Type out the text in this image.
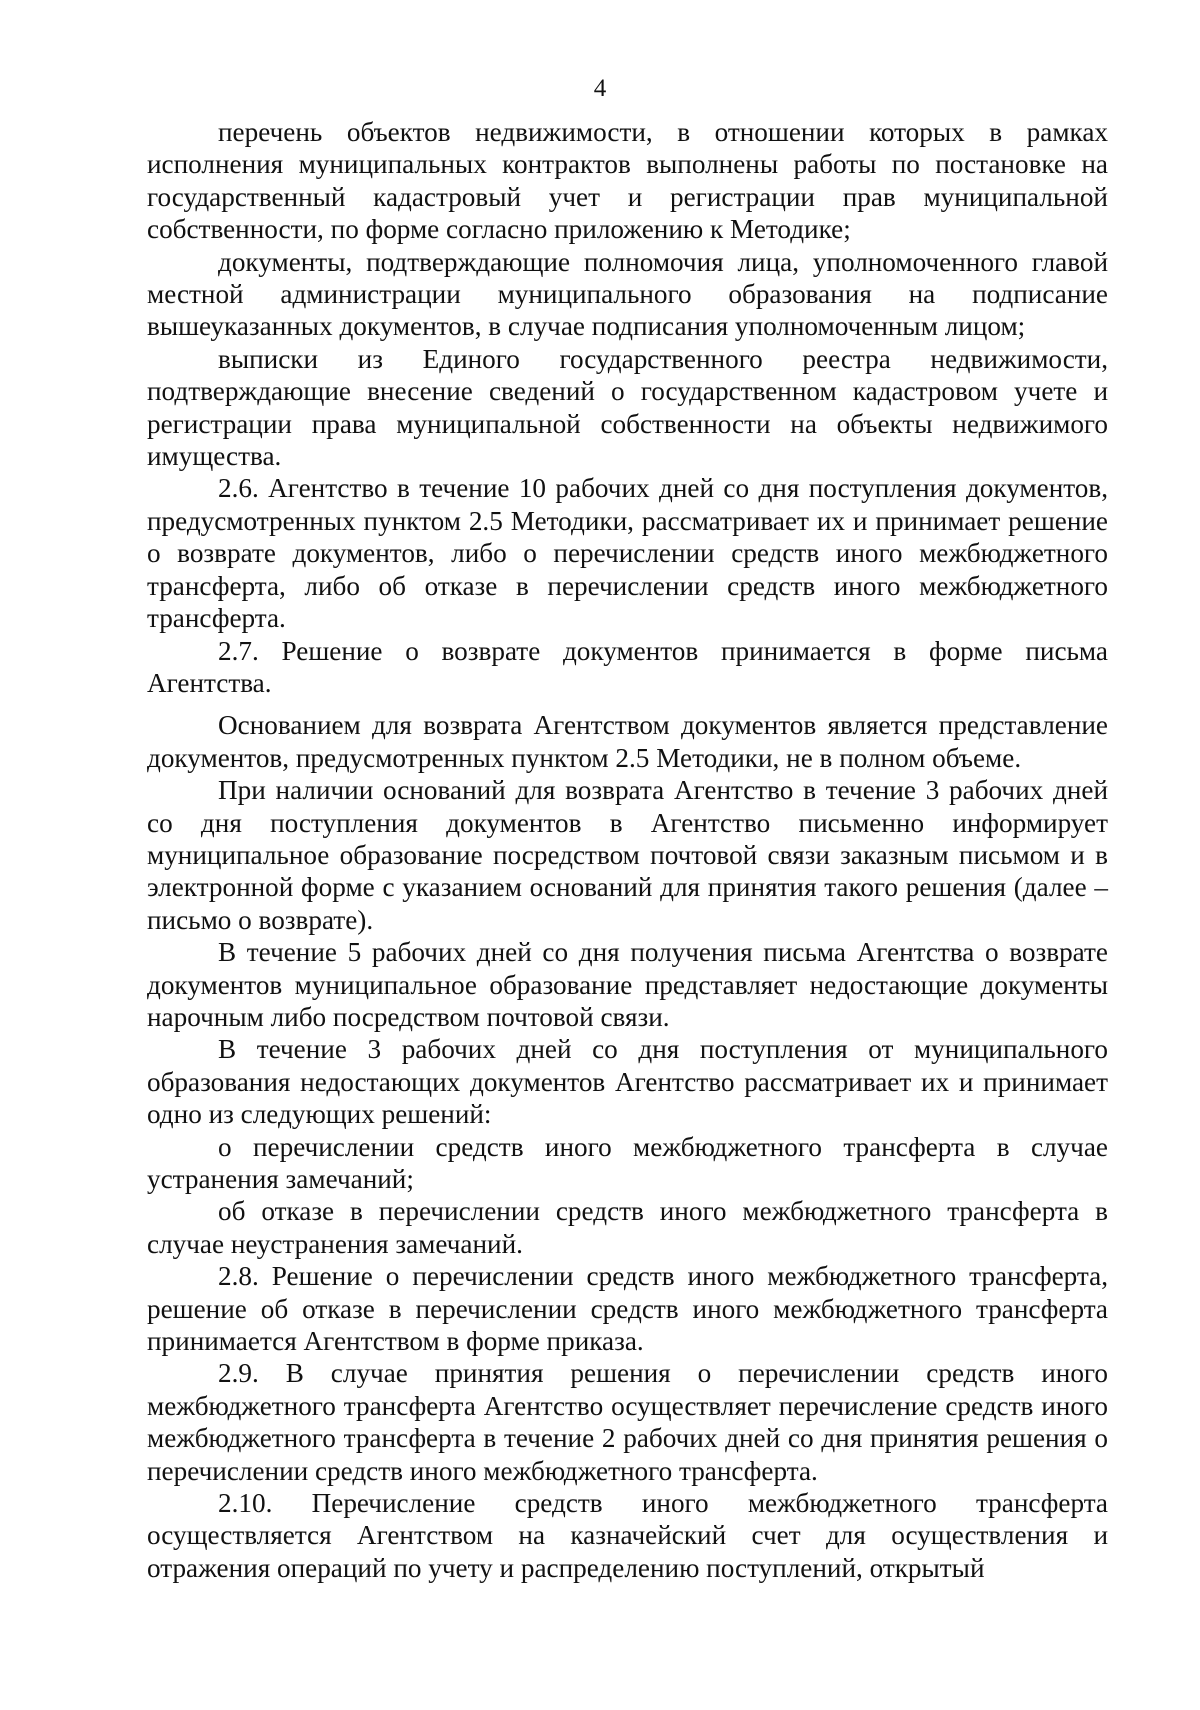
4

перечень объектов недвижимости, в отношении которых в рамках исполнения муниципальных контрактов выполнены работы по постановке на государственный кадастровый учет и регистрации прав муниципальной собственности, по форме согласно приложению к Методике;

документы, подтверждающие полномочия лица, уполномоченного главой местной администрации муниципального образования на подписание вышеуказанных документов, в случае подписания уполномоченным лицом;

выписки из Единого государственного реестра недвижимости, подтверждающие внесение сведений о государственном кадастровом учете и регистрации права муниципальной собственности на объекты недвижимого имущества.

2.6. Агентство в течение 10 рабочих дней со дня поступления документов, предусмотренных пунктом 2.5 Методики, рассматривает их и принимает решение о возврате документов, либо о перечислении средств иного межбюджетного трансферта, либо об отказе в перечислении средств иного межбюджетного трансферта.

2.7. Решение о возврате документов принимается в форме письма Агентства.

Основанием для возврата Агентством документов является представление документов, предусмотренных пунктом 2.5 Методики, не в полном объеме.

При наличии оснований для возврата Агентство в течение 3 рабочих дней со дня поступления документов в Агентство письменно информирует муниципальное образование посредством почтовой связи заказным письмом и в электронной форме с указанием оснований для принятия такого решения (далее – письмо о возврате).

В течение 5 рабочих дней со дня получения письма Агентства о возврате документов муниципальное образование представляет недостающие документы нарочным либо посредством почтовой связи.

В течение 3 рабочих дней со дня поступления от муниципального образования недостающих документов Агентство рассматривает их и принимает одно из следующих решений:

о перечислении средств иного межбюджетного трансферта в случае устранения замечаний;

об отказе в перечислении средств иного межбюджетного трансферта в случае неустранения замечаний.

2.8. Решение о перечислении средств иного межбюджетного трансферта, решение об отказе в перечислении средств иного межбюджетного трансферта принимается Агентством в форме приказа.

2.9. В случае принятия решения о перечислении средств иного межбюджетного трансферта Агентство осуществляет перечисление средств иного межбюджетного трансферта в течение 2 рабочих дней со дня принятия решения о перечислении средств иного межбюджетного трансферта.

2.10. Перечисление средств иного межбюджетного трансферта осуществляется Агентством на казначейский счет для осуществления и отражения операций по учету и распределению поступлений, открытый
